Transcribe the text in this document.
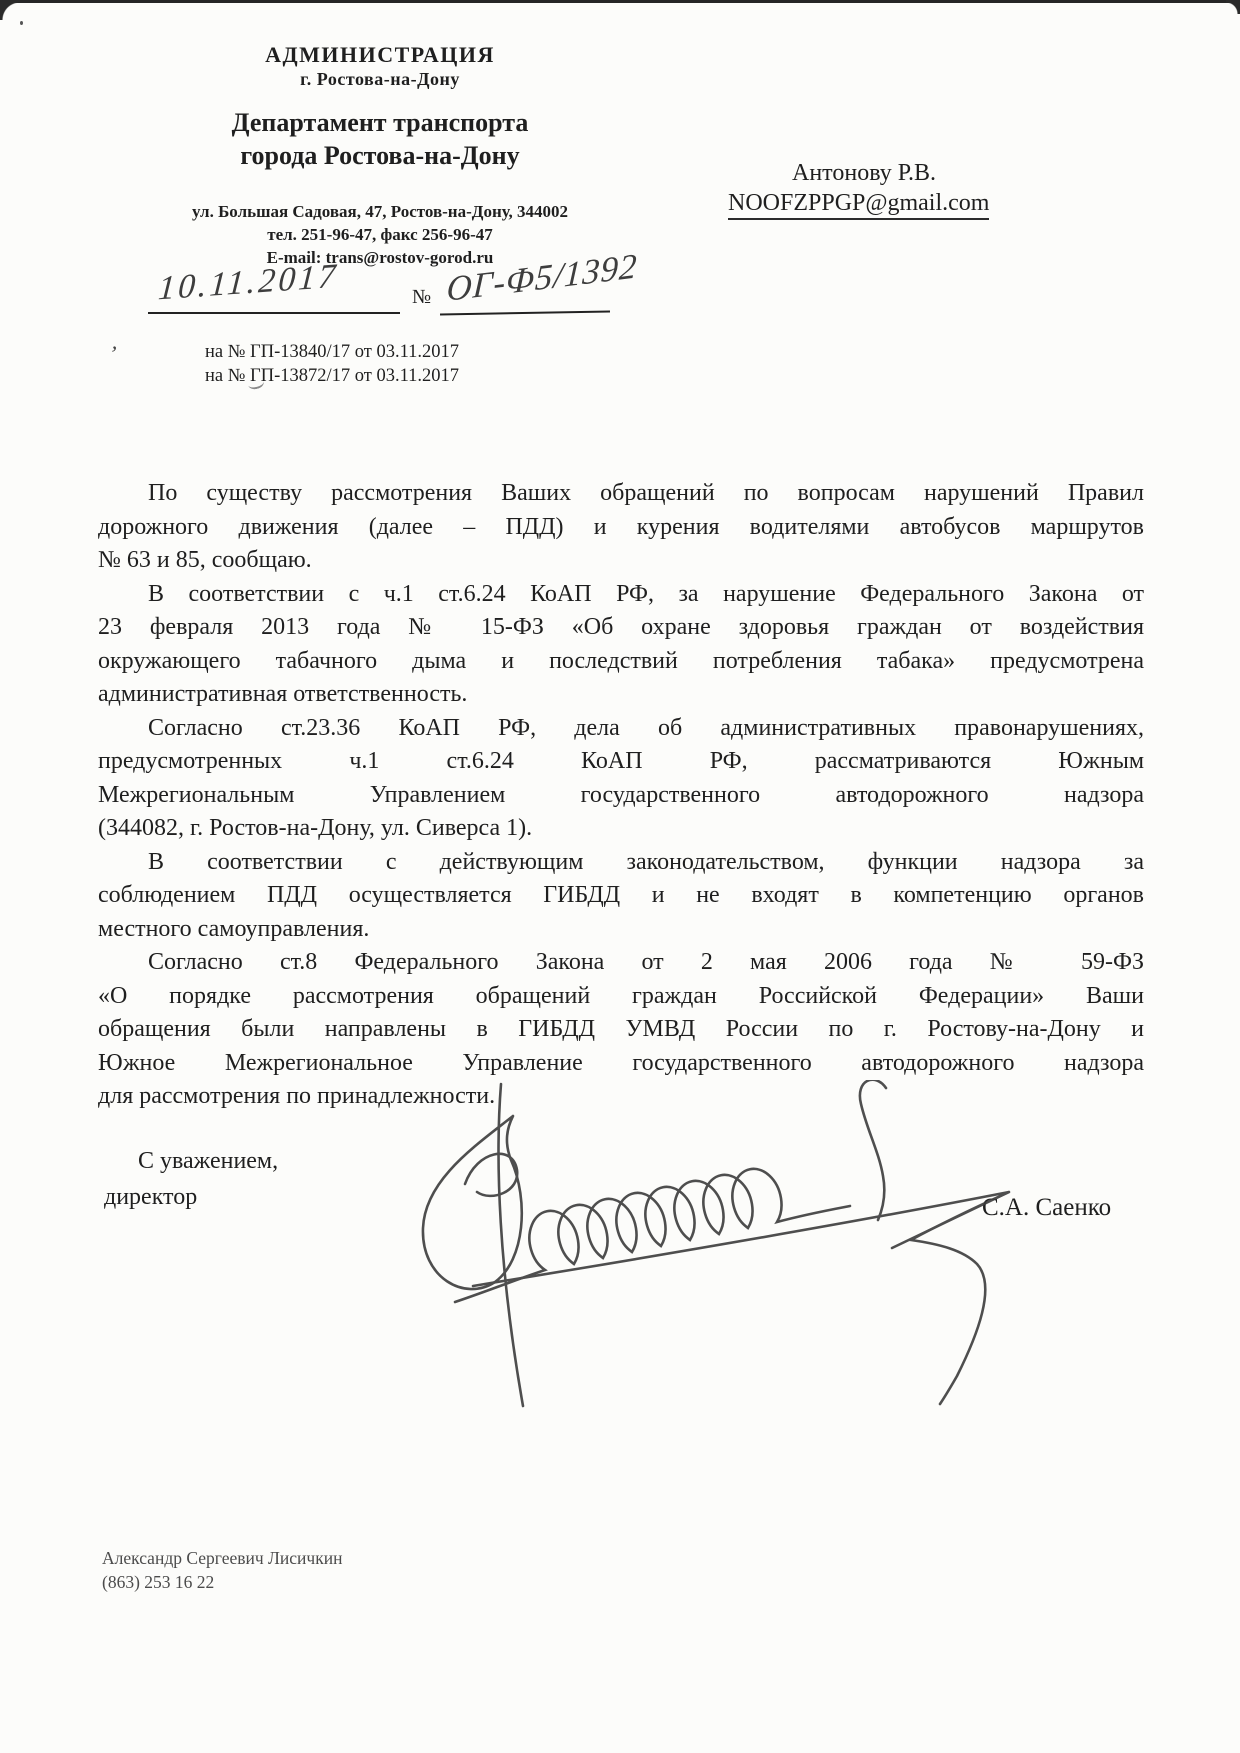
’
АДМИНИСТРАЦИЯ
г. Ростова-на-Дону
Департамент транспорта
города Ростова-на-Дону
ул. Большая Садовая, 47, Ростов-на-Дону, 344002
тел. 251-96-47, факс 256-96-47
E-mail: trans@rostov-gorod.ru
Антонову Р.В.
NOOFZPPGP@gmail.com
10.11.2017	№ ОГ-Ф5/1392
на № ГП-13840/17 от 03.11.2017
на № ГП-13872/17 от 03.11.2017
По существу рассмотрения Ваших обращений по вопросам нарушений Правил
дорожного движения (далее – ПДД) и курения водителями автобусов маршрутов
№ 63 и 85, сообщаю.
В соответствии с ч.1 ст.6.24 КоАП РФ, за нарушение Федерального Закона от
23 февраля 2013 года № 15-ФЗ «Об охране здоровья граждан от воздействия
окружающего табачного дыма и последствий потребления табака» предусмотрена
административная ответственность.
Согласно ст.23.36 КоАП РФ, дела об административных правонарушениях,
предусмотренных ч.1 ст.6.24 КоАП РФ, рассматриваются Южным
Межрегиональным Управлением государственного автодорожного надзора
(344082, г. Ростов-на-Дону, ул. Сиверса 1).
В соответствии с действующим законодательством, функции надзора за
соблюдением ПДД осуществляется ГИБДД и не входят в компетенцию органов
местного самоуправления.
Согласно ст.8 Федерального Закона от 2 мая 2006 года № 59-ФЗ
«О порядке рассмотрения обращений граждан Российской Федерации» Ваши
обращения были направлены в ГИБДД УМВД России по г. Ростову-на-Дону и
Южное Межрегиональное Управление государственного автодорожного надзора
для рассмотрения по принадлежности.
С уважением,
директор	С.А. Саенко
Александр Сергеевич Лисичкин
(863) 253 16 22
